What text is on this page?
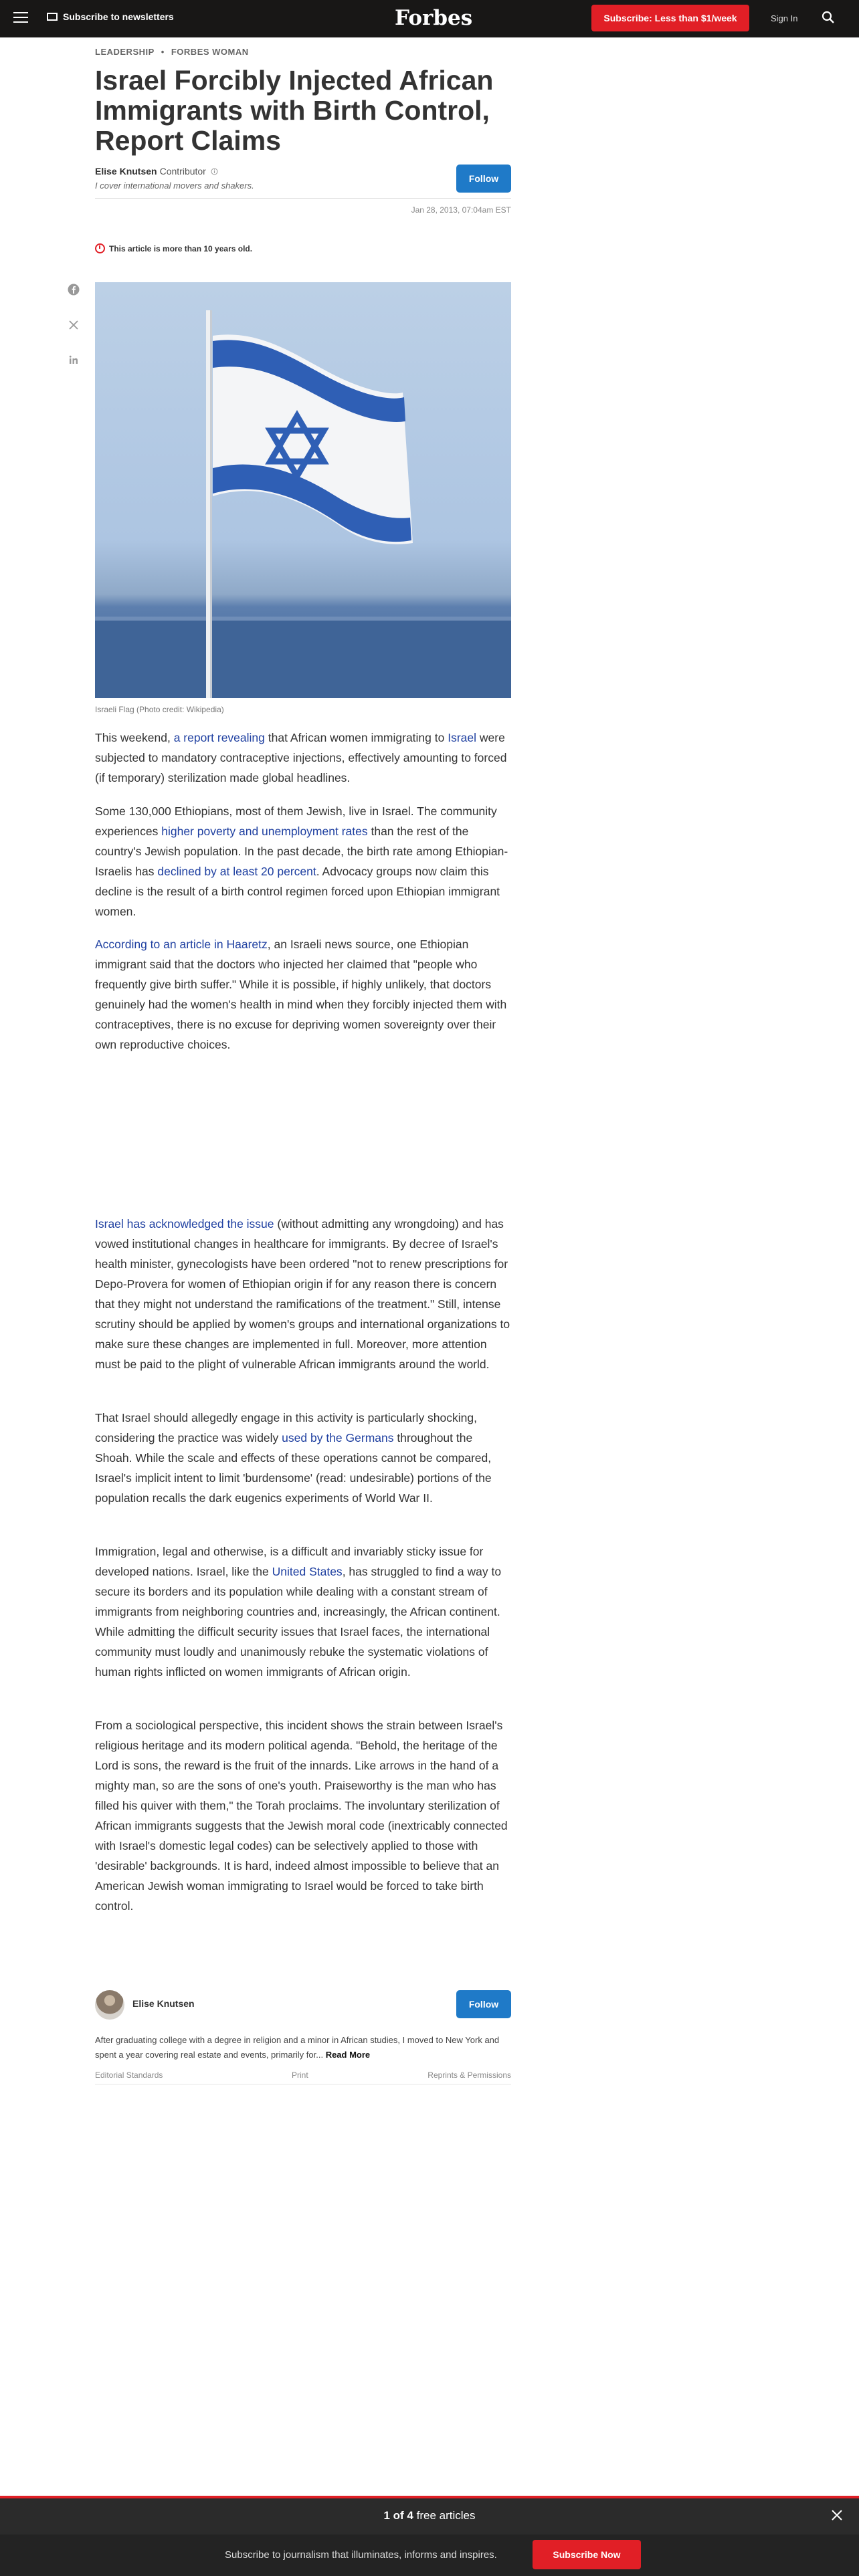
Subscribe to newsletters	Forbes	Subscribe: Less than $1/week	Sign In
LEADERSHIP • FORBES WOMAN
Israel Forcibly Injected African Immigrants with Birth Control, Report Claims
Elise Knutsen Contributor
I cover international movers and shakers.
Follow
Jan 28, 2013, 07:04am EST
This article is more than 10 years old.
Israeli Flag (Photo credit: Wikipedia)

This weekend, a report revealing that African women immigrating to Israel were subjected to mandatory contraceptive injections, effectively amounting to forced (if temporary) sterilization made global headlines.

Some 130,000 Ethiopians, most of them Jewish, live in Israel. The community experiences higher poverty and unemployment rates than the rest of the country's Jewish population. In the past decade, the birth rate among Ethiopian-Israelis has declined by at least 20 percent. Advocacy groups now claim this decline is the result of a birth control regimen forced upon Ethiopian immigrant women.

According to an article in Haaretz, an Israeli news source, one Ethiopian immigrant said that the doctors who injected her claimed that "people who frequently give birth suffer." While it is possible, if highly unlikely, that doctors genuinely had the women's health in mind when they forcibly injected them with contraceptives, there is no excuse for depriving women sovereignty over their own reproductive choices.

Israel has acknowledged the issue (without admitting any wrongdoing) and has vowed institutional changes in healthcare for immigrants. By decree of Israel's health minister, gynecologists have been ordered "not to renew prescriptions for Depo-Provera for women of Ethiopian origin if for any reason there is concern that they might not understand the ramifications of the treatment." Still, intense scrutiny should be applied by women's groups and international organizations to make sure these changes are implemented in full. Moreover, more attention must be paid to the plight of vulnerable African immigrants around the world.

That Israel should allegedly engage in this activity is particularly shocking, considering the practice was widely used by the Germans throughout the Shoah. While the scale and effects of these operations cannot be compared, Israel's implicit intent to limit 'burdensome' (read: undesirable) portions of the population recalls the dark eugenics experiments of World War II.

Immigration, legal and otherwise, is a difficult and invariably sticky issue for developed nations. Israel, like the United States, has struggled to find a way to secure its borders and its population while dealing with a constant stream of immigrants from neighboring countries and, increasingly, the African continent. While admitting the difficult security issues that Israel faces, the international community must loudly and unanimously rebuke the systematic violations of human rights inflicted on women immigrants of African origin.

From a sociological perspective, this incident shows the strain between Israel's religious heritage and its modern political agenda. "Behold, the heritage of the Lord is sons, the reward is the fruit of the innards. Like arrows in the hand of a mighty man, so are the sons of one's youth. Praiseworthy is the man who has filled his quiver with them," the Torah proclaims. The involuntary sterilization of African immigrants suggests that the Jewish moral code (inextricably connected with Israel's domestic legal codes) can be selectively applied to those with 'desirable' backgrounds. It is hard, indeed almost impossible to believe that an American Jewish woman immigrating to Israel would be forced to take birth control.

Elise Knutsen	Follow
After graduating college with a degree in religion and a minor in African studies, I moved to New York and spent a year covering real estate and events, primarily for... Read More
Editorial Standards	Print	Reprints & Permissions
1 of 4 free articles
Subscribe to journalism that illuminates, informs and inspires.	Subscribe Now
